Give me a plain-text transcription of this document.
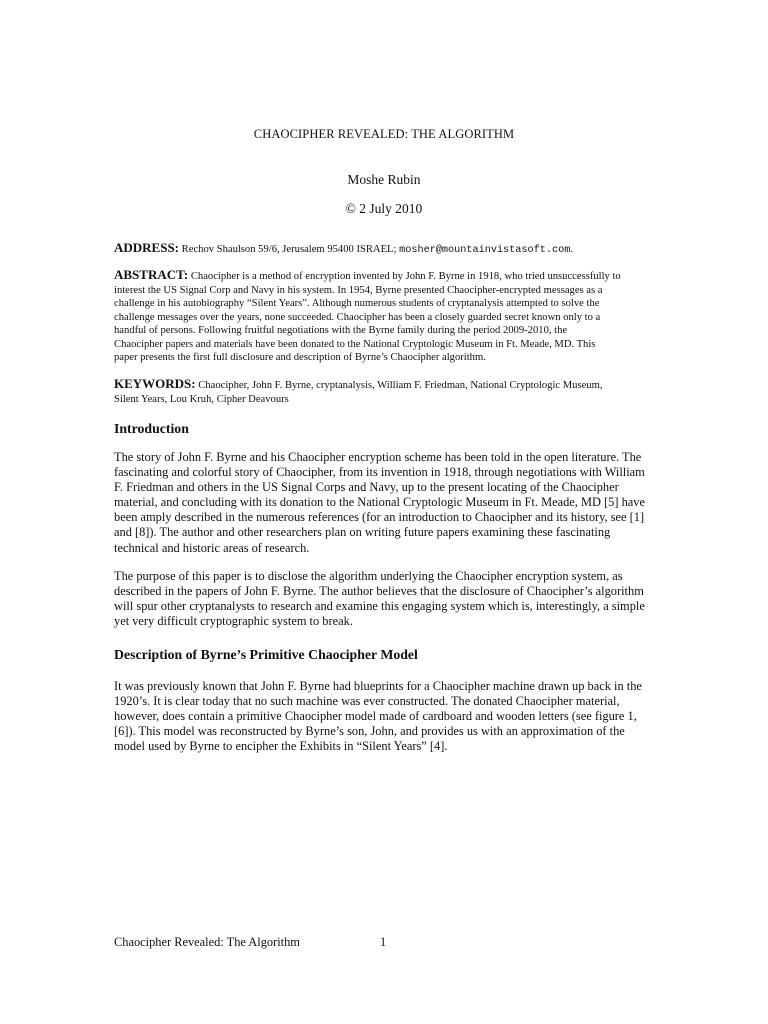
CHAOCIPHER REVEALED: THE ALGORITHM
Moshe Rubin
© 2 July 2010
ADDRESS: Rechov Shaulson 59/6, Jerusalem 95400 ISRAEL; mosher@mountainvistasoft.com.
ABSTRACT: Chaocipher is a method of encryption invented by John F. Byrne in 1918, who tried unsuccessfully to
interest the US Signal Corp and Navy in his system. In 1954, Byrne presented Chaocipher-encrypted messages as a
challenge in his autobiography “Silent Years”. Although numerous students of cryptanalysis attempted to solve the
challenge messages over the years, none succeeded. Chaocipher has been a closely guarded secret known only to a
handful of persons. Following fruitful negotiations with the Byrne family during the period 2009-2010, the
Chaocipher papers and materials have been donated to the National Cryptologic Museum in Ft. Meade, MD. This
paper presents the first full disclosure and description of Byrne’s Chaocipher algorithm.
KEYWORDS: Chaocipher, John F. Byrne, cryptanalysis, William F. Friedman, National Cryptologic Museum,
Silent Years, Lou Kruh, Cipher Deavours
Introduction
The story of John F. Byrne and his Chaocipher encryption scheme has been told in the open literature. The
fascinating and colorful story of Chaocipher, from its invention in 1918, through negotiations with William
F. Friedman and others in the US Signal Corps and Navy, up to the present locating of the Chaocipher
material, and concluding with its donation to the National Cryptologic Museum in Ft. Meade, MD [5] have
been amply described in the numerous references (for an introduction to Chaocipher and its history, see [1]
and [8]). The author and other researchers plan on writing future papers examining these fascinating
technical and historic areas of research.
The purpose of this paper is to disclose the algorithm underlying the Chaocipher encryption system, as
described in the papers of John F. Byrne. The author believes that the disclosure of Chaocipher’s algorithm
will spur other cryptanalysts to research and examine this engaging system which is, interestingly, a simple
yet very difficult cryptographic system to break.
Description of Byrne’s Primitive Chaocipher Model
It was previously known that John F. Byrne had blueprints for a Chaocipher machine drawn up back in the
1920’s. It is clear today that no such machine was ever constructed. The donated Chaocipher material,
however, does contain a primitive Chaocipher model made of cardboard and wooden letters (see figure 1,
[6]). This model was reconstructed by Byrne’s son, John, and provides us with an approximation of the
model used by Byrne to encipher the Exhibits in “Silent Years” [4].
Chaocipher Revealed: The Algorithm	1
